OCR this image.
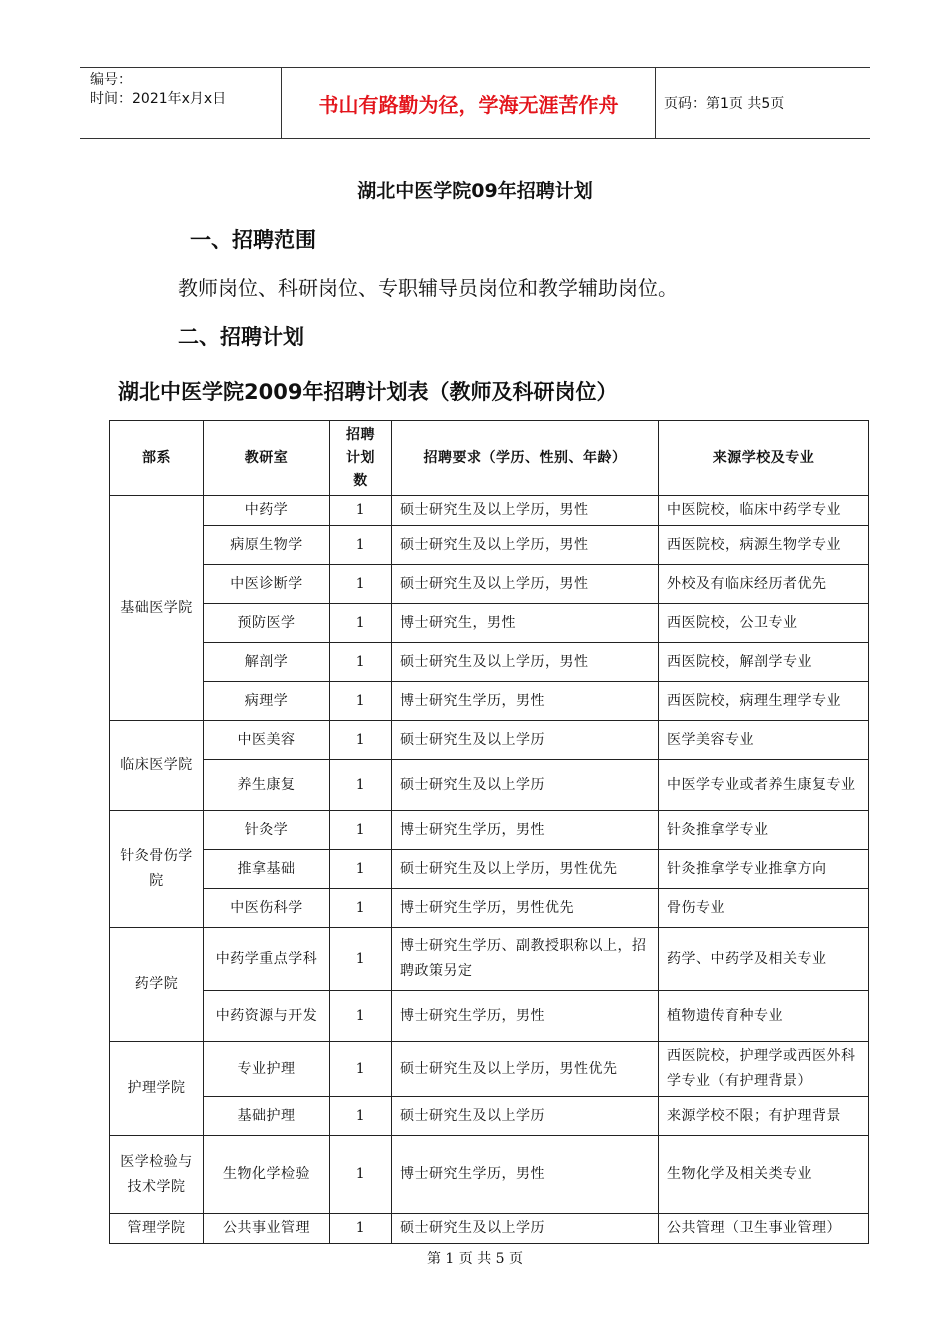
编号：
时间：2021年x月x日	书山有路勤为径，学海无涯苦作舟	页码：第1页 共5页
湖北中医学院09年招聘计划
一、招聘范围
教师岗位、科研岗位、专职辅导员岗位和教学辅助岗位。
二、招聘计划
湖北中医学院2009年招聘计划表（教师及科研岗位）
部系	教研室	招聘计划数	招聘要求（学历、性别、年龄）	来源学校及专业
基础医学院	中药学	1	硕士研究生及以上学历，男性	中医院校，临床中药学专业
	病原生物学	1	硕士研究生及以上学历，男性	西医院校，病源生物学专业
	中医诊断学	1	硕士研究生及以上学历，男性	外校及有临床经历者优先
	预防医学	1	博士研究生，男性	西医院校，公卫专业
	解剖学	1	硕士研究生及以上学历，男性	西医院校，解剖学专业
	病理学	1	博士研究生学历，男性	西医院校，病理生理学专业
临床医学院	中医美容	1	硕士研究生及以上学历	医学美容专业
	养生康复	1	硕士研究生及以上学历	中医学专业或者养生康复专业
针灸骨伤学院	针灸学	1	博士研究生学历，男性	针灸推拿学专业
	推拿基础	1	硕士研究生及以上学历，男性优先	针灸推拿学专业推拿方向
	中医伤科学	1	博士研究生学历，男性优先	骨伤专业
药学院	中药学重点学科	1	博士研究生学历、副教授职称以上，招聘政策另定	药学、中药学及相关专业
	中药资源与开发	1	博士研究生学历，男性	植物遗传育种专业
护理学院	专业护理	1	硕士研究生及以上学历，男性优先	西医院校，护理学或西医外科学专业（有护理背景）
	基础护理	1	硕士研究生及以上学历	来源学校不限；有护理背景
医学检验与技术学院	生物化学检验	1	博士研究生学历，男性	生物化学及相关类专业
管理学院	公共事业管理	1	硕士研究生及以上学历	公共管理（卫生事业管理）
第 1 页 共 5 页
